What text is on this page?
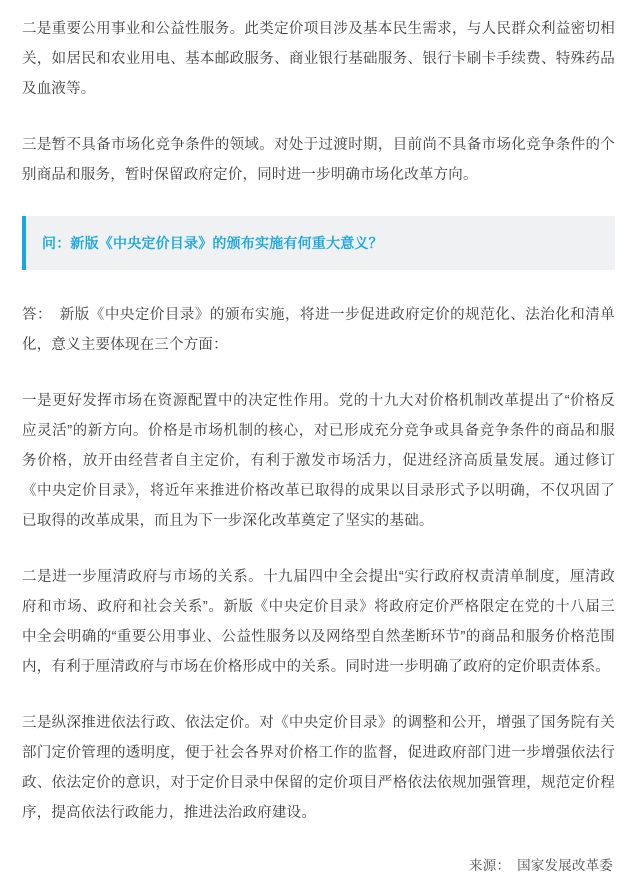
二是重要公用事业和公益性服务。此类定价项目涉及基本民生需求，与人民群众利益密切相关，如居民和农业用电、基本邮政服务、商业银行基础服务、银行卡刷卡手续费、特殊药品及血液等。

三是暂不具备市场化竞争条件的领域。对处于过渡时期，目前尚不具备市场化竞争条件的个别商品和服务，暂时保留政府定价，同时进一步明确市场化改革方向。

问：新版《中央定价目录》的颁布实施有何重大意义？

答：　新版《中央定价目录》的颁布实施，将进一步促进政府定价的规范化、法治化和清单化，意义主要体现在三个方面：

一是更好发挥市场在资源配置中的决定性作用。党的十九大对价格机制改革提出了“价格反应灵活”的新方向。价格是市场机制的核心，对已形成充分竞争或具备竞争条件的商品和服务价格，放开由经营者自主定价，有利于激发市场活力，促进经济高质量发展。通过修订《中央定价目录》，将近年来推进价格改革已取得的成果以目录形式予以明确，不仅巩固了已取得的改革成果，而且为下一步深化改革奠定了坚实的基础。

二是进一步厘清政府与市场的关系。十九届四中全会提出“实行政府权责清单制度，厘清政府和市场、政府和社会关系”。新版《中央定价目录》将政府定价严格限定在党的十八届三中全会明确的“重要公用事业、公益性服务以及网络型自然垄断环节”的商品和服务价格范围内，有利于厘清政府与市场在价格形成中的关系。同时进一步明确了政府的定价职责体系。

三是纵深推进依法行政、依法定价。对《中央定价目录》的调整和公开，增强了国务院有关部门定价管理的透明度，便于社会各界对价格工作的监督，促进政府部门进一步增强依法行政、依法定价的意识，对于定价目录中保留的定价项目严格依法依规加强管理，规范定价程序，提高依法行政能力，推进法治政府建设。

来源：　国家发展改革委
